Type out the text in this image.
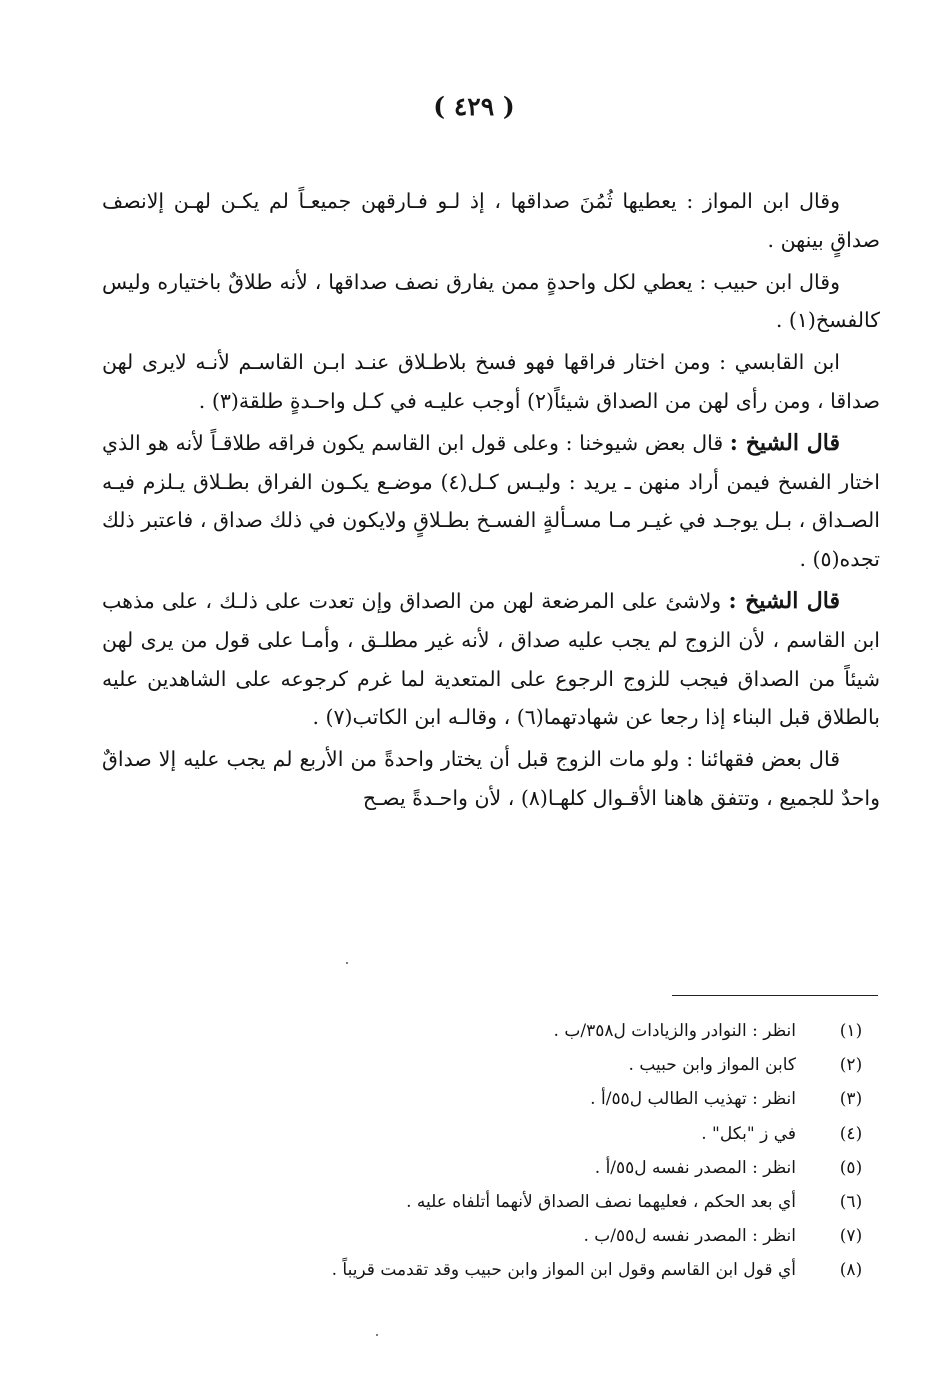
( ٤٢٩ )

وقال ابن المواز : يعطيها ثُمُنَ صداقها ، إذ لـو فـارقهن جميعـاً لم يكـن لهـن إلانصف صداقٍ بينهن .

وقال ابن حبيب : يعطي لكل واحدةٍ ممن يفارق نصف صداقها ، لأنه طلاقٌ باختياره وليس كالفسخ(١) .

ابن القابسي : ومن اختار فراقها فهو فسخ بلاطـلاق عنـد ابـن القاسـم لأنـه لايرى لهن صداقا ، ومن رأى لهن من الصداق شيئاً(٢) أوجب عليـه في كـل واحـدةٍ طلقة(٣) .

قال الشيخ : قال بعض شيوخنا : وعلى قول ابن القاسم يكون فراقه طلاقـاً لأنه هو الذي اختار الفسخ فيمن أراد منهن ـ يريد : وليـس كـل(٤) موضـع يكـون الفراق بطـلاق يـلزم فيـه الصـداق ، بـل يوجـد في غيـر مـا مسـألةٍ الفسـخ بطـلاقٍ ولايكون في ذلك صداق ، فاعتبر ذلك تجده(٥) .

قال الشيخ : ولاشئ على المرضعة لهن من الصداق وإن تعدت على ذلـك ، على مذهب ابن القاسم ، لأن الزوج لم يجب عليه صداق ، لأنه غير مطلـق ، وأمـا على قول من يرى لهن شيئاً من الصداق فيجب للزوج الرجوع على المتعدية لما غرم كرجوعه على الشاهدين عليه بالطلاق قبل البناء إذا رجعا عن شهادتهما(٦) ، وقالـه ابن الكاتب(٧) .

قال بعض فقهائنا : ولو مات الزوج قبل أن يختار واحدةً من الأربع لم يجب عليه إلا صداقٌ واحدٌ للجميع ، وتتفق هاهنا الأقـوال كلهـا(٨) ، لأن واحـدةً يصـح

(١)
انظر : النوادر والزيادات ل٣٥٨/ب .
(٢)
كابن المواز وابن حبيب .
(٣)
انظر : تهذيب الطالب ل٥٥/أ .
(٤)
في ز "بكل" .
(٥)
انظر : المصدر نفسه ل٥٥/أ .
(٦)
أي بعد الحكم ، فعليهما نصف الصداق لأنهما أتلفاه عليه .
(٧)
انظر : المصدر نفسه ل٥٥/ب .
(٨)
أي قول ابن القاسم وقول ابن المواز وابن حبيب وقد تقدمت قريباً .
